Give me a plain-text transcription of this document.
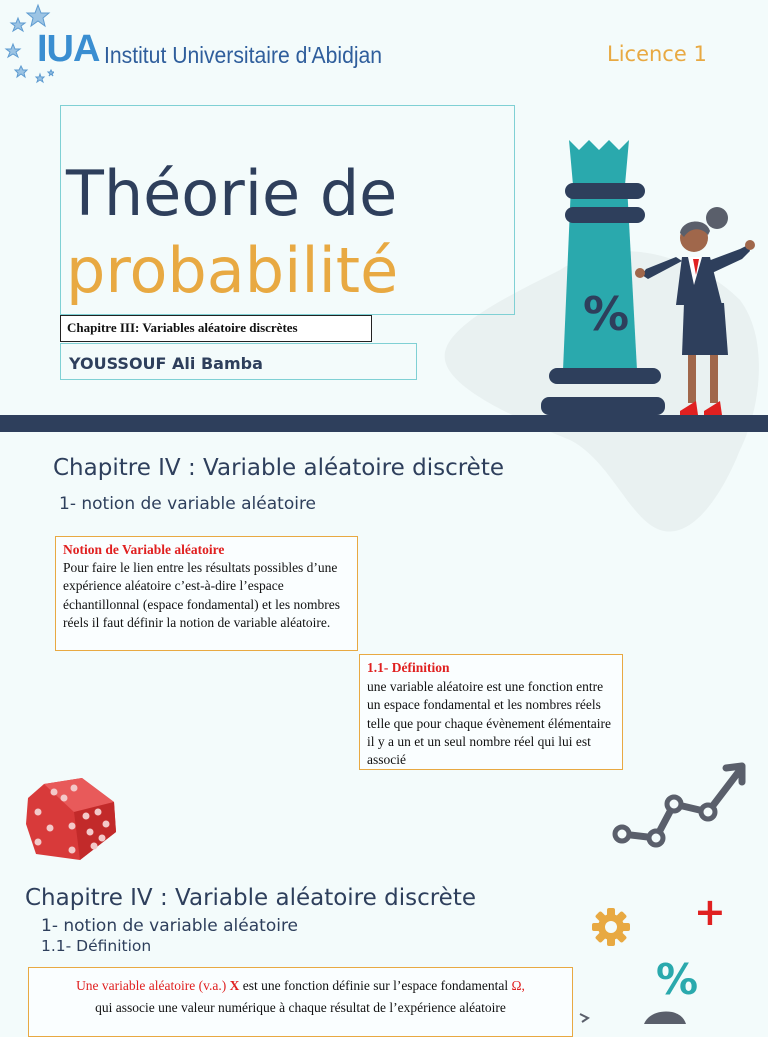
IUA Institut Universitaire d'Abidjan	Licence 1
Théorie de
probabilité
Chapitre III: Variables aléatoire discrètes
YOUSSOUF Ali Bamba
%
Chapitre IV : Variable aléatoire discrète
1- notion de variable aléatoire
Notion de Variable aléatoire
Pour faire le lien entre les résultats possibles d’une expérience aléatoire c’est-à-dire l’espace échantillonnal (espace fondamental) et les nombres réels il faut définir la notion de variable aléatoire.
1.1- Définition
une variable aléatoire est une fonction entre un espace fondamental et les nombres réels telle que pour chaque évènement élémentaire il y a un et un seul nombre réel qui lui est associé
Chapitre IV : Variable aléatoire discrète
1- notion de variable aléatoire
1.1- Définition
Une variable aléatoire (v.a.) X est une fonction définie sur l’espace fondamental Ω,
qui associe une valeur numérique à chaque résultat de l’expérience aléatoire
+
%
